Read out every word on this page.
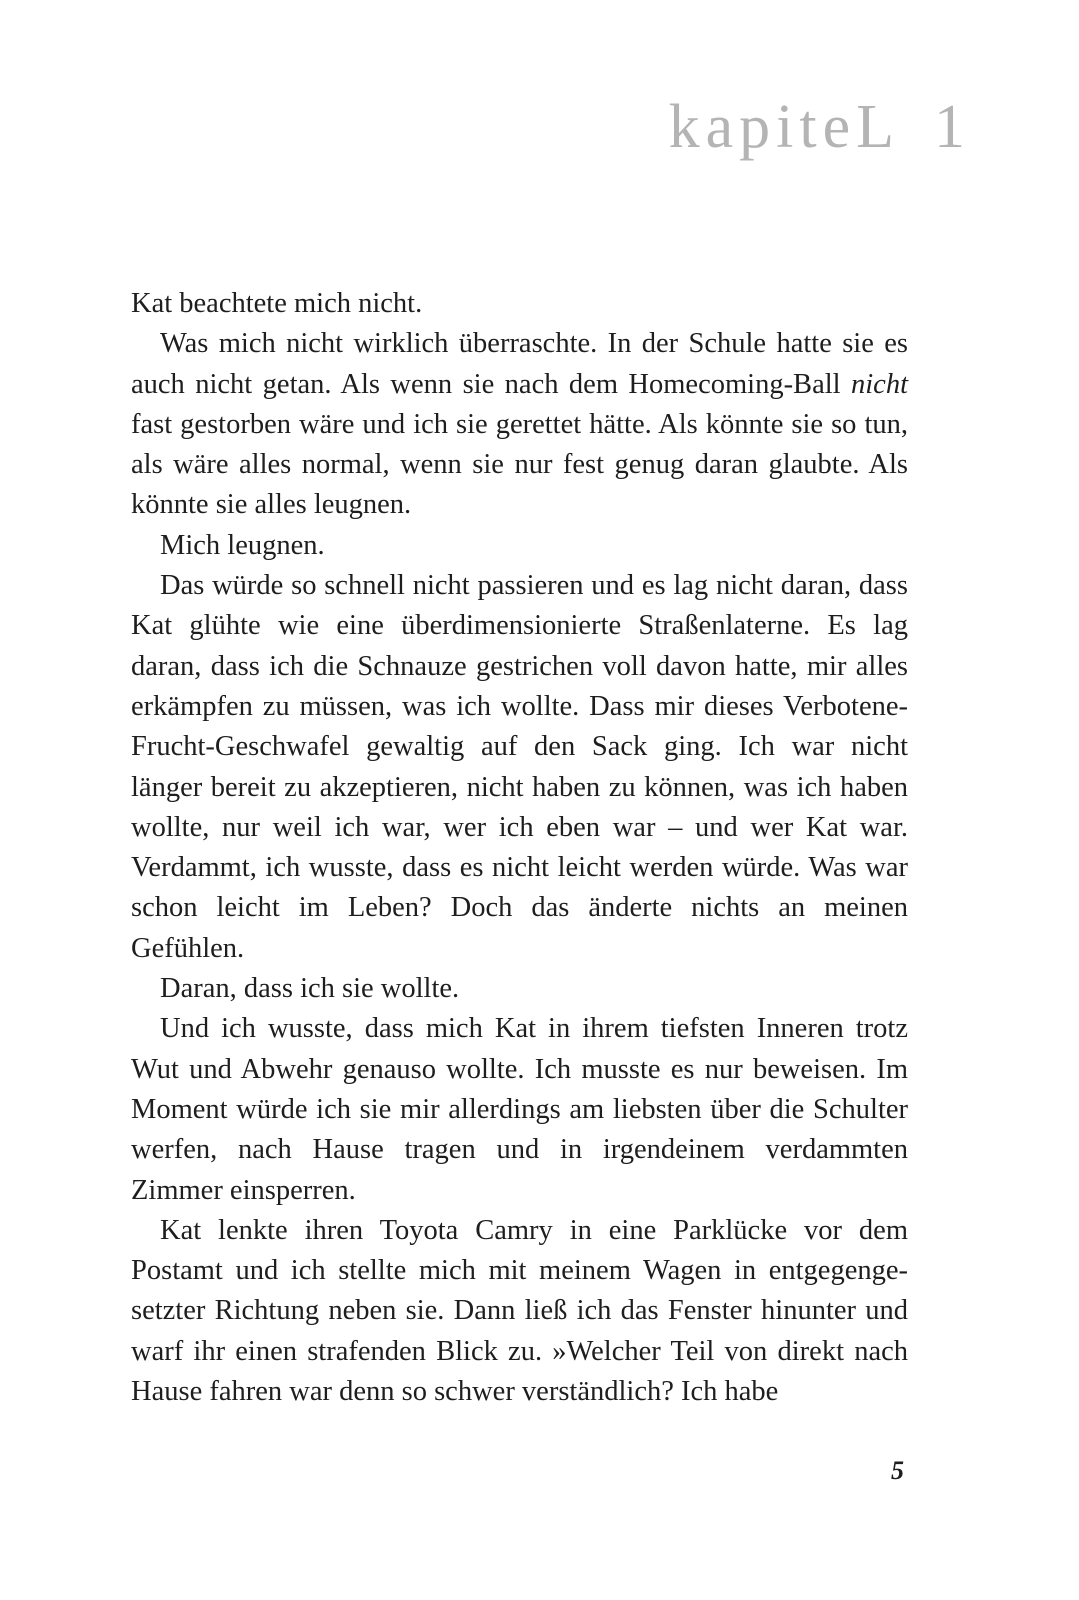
kapiteL 1

Kat beachtete mich nicht.

Was mich nicht wirklich überraschte. In der Schule hatte sie es auch nicht getan. Als wenn sie nach dem Homecoming-Ball nicht fast gestorben wäre und ich sie gerettet hätte. Als könnte sie so tun, als wäre alles normal, wenn sie nur fest genug daran glaubte. Als könnte sie alles leugnen.

Mich leugnen.

Das würde so schnell nicht passieren und es lag nicht daran, dass Kat glühte wie eine überdimensionierte Straßenlaterne. Es lag daran, dass ich die Schnauze gestrichen voll davon hatte, mir alles erkämpfen zu müssen, was ich wollte. Dass mir dieses Verbotene-Frucht-Geschwafel gewaltig auf den Sack ging. Ich war nicht länger bereit zu akzeptieren, nicht haben zu können, was ich haben wollte, nur weil ich war, wer ich eben war – und wer Kat war. Verdammt, ich wusste, dass es nicht leicht werden würde. Was war schon leicht im Leben? Doch das änderte nichts an meinen Gefühlen.

Daran, dass ich sie wollte.

Und ich wusste, dass mich Kat in ihrem tiefsten Inneren trotz Wut und Abwehr genauso wollte. Ich musste es nur beweisen. Im Moment würde ich sie mir allerdings am liebsten über die Schulter werfen, nach Hause tragen und in irgendeinem verdammten Zimmer einsperren.

Kat lenkte ihren Toyota Camry in eine Parklücke vor dem Postamt und ich stellte mich mit meinem Wagen in entgegengesetzter Richtung neben sie. Dann ließ ich das Fenster hinunter und warf ihr einen strafenden Blick zu. »Welcher Teil von direkt nach Hause fahren war denn so schwer verständlich? Ich habe

5
